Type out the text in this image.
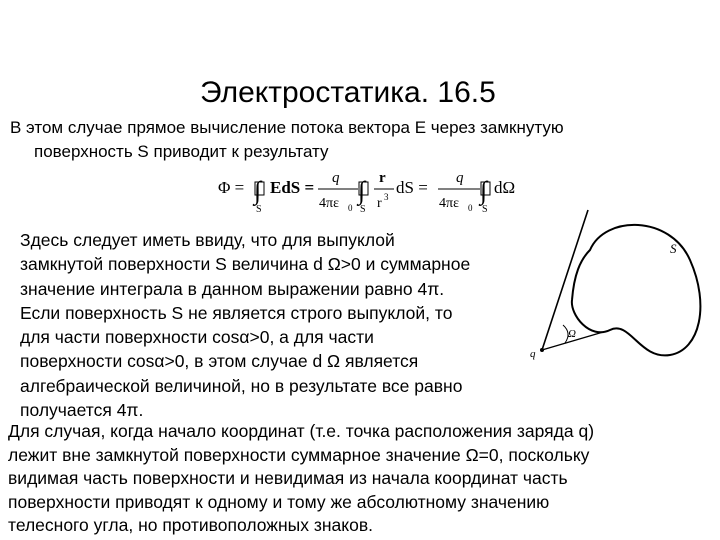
Электростатика. 16.5
В этом случае прямое вычисление потока вектора Е через замкнутую
поверхность S приводит к результату
Φ = ∫
S
EdS = q
4πε 0
∫
S
r
r 3 dS = q
4πε 0
∫
S
dΩ
Здесь следует иметь ввиду, что для выпуклой
замкнутой поверхности S величина d Ω>0 и суммарное
значение интеграла в данном выражении равно 4π.
Если поверхность S не является строго выпуклой, то
для части поверхности cosα>0, а для части
поверхности cosα>0, в этом случае d Ω является
алгебраической величиной, но в результате все равно
получается 4π.
S
Ω
q
Для случая, когда начало координат (т.е. точка расположения заряда q)
лежит вне замкнутой поверхности суммарное значение Ω=0, поскольку
видимая часть поверхности и невидимая из начала координат часть
поверхности приводят к одному и тому же абсолютному значению
телесного угла, но противоположных знаков.
